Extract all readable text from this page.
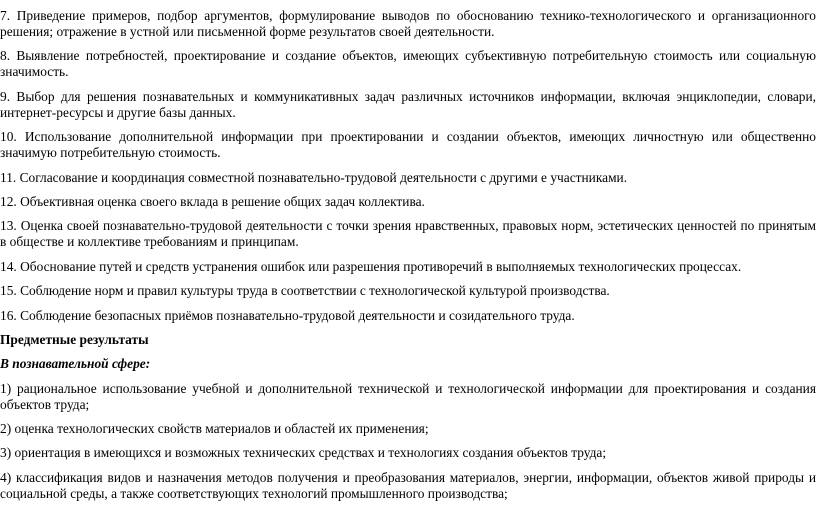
7. Приведение примеров, подбор аргументов, формулирование выводов по обоснованию технико-технологического и организационного решения; отражение в устной или письменной форме результатов своей деятельности.

8. Выявление потребностей, проектирование и создание объектов, имеющих субъективную потребительную стоимость или социальную значимость.

9. Выбор для решения познавательных и коммуникативных задач различных источников информации, включая энциклопедии, словари, интернет-ресурсы и другие базы данных.

10. Использование дополнительной информации при проектировании и создании объектов, имеющих личностную или общественно значимую потребительную стоимость.

11. Согласование и координация совместной познавательно-трудовой деятельности с другими е участниками.

12. Объективная оценка своего вклада в решение общих задач коллектива.

13. Оценка своей познавательно-трудовой деятельности с точки зрения нравственных, правовых норм, эстетических ценностей по принятым в обществе и коллективе требованиям и принципам.

14. Обоснование путей и средств устранения ошибок или разрешения противоречий в выполняемых технологических процессах.

15. Соблюдение норм и правил культуры труда в соответствии с технологической культурой производства.

16. Соблюдение безопасных приёмов познавательно-трудовой деятельности и созидательного труда.

Предметные результаты

В познавательной сфере:

1) рациональное использование учебной и дополнительной технической и технологической информации для проектирования и создания объектов труда;

2) оценка технологических свойств материалов и областей их применения;

3) ориентация в имеющихся и возможных технических средствах и технологиях создания объектов труда;

4) классификация видов и назначения методов получения и преобразования материалов, энергии, информации, объектов живой природы и социальной среды, а также соответствующих технологий промышленного производства;
